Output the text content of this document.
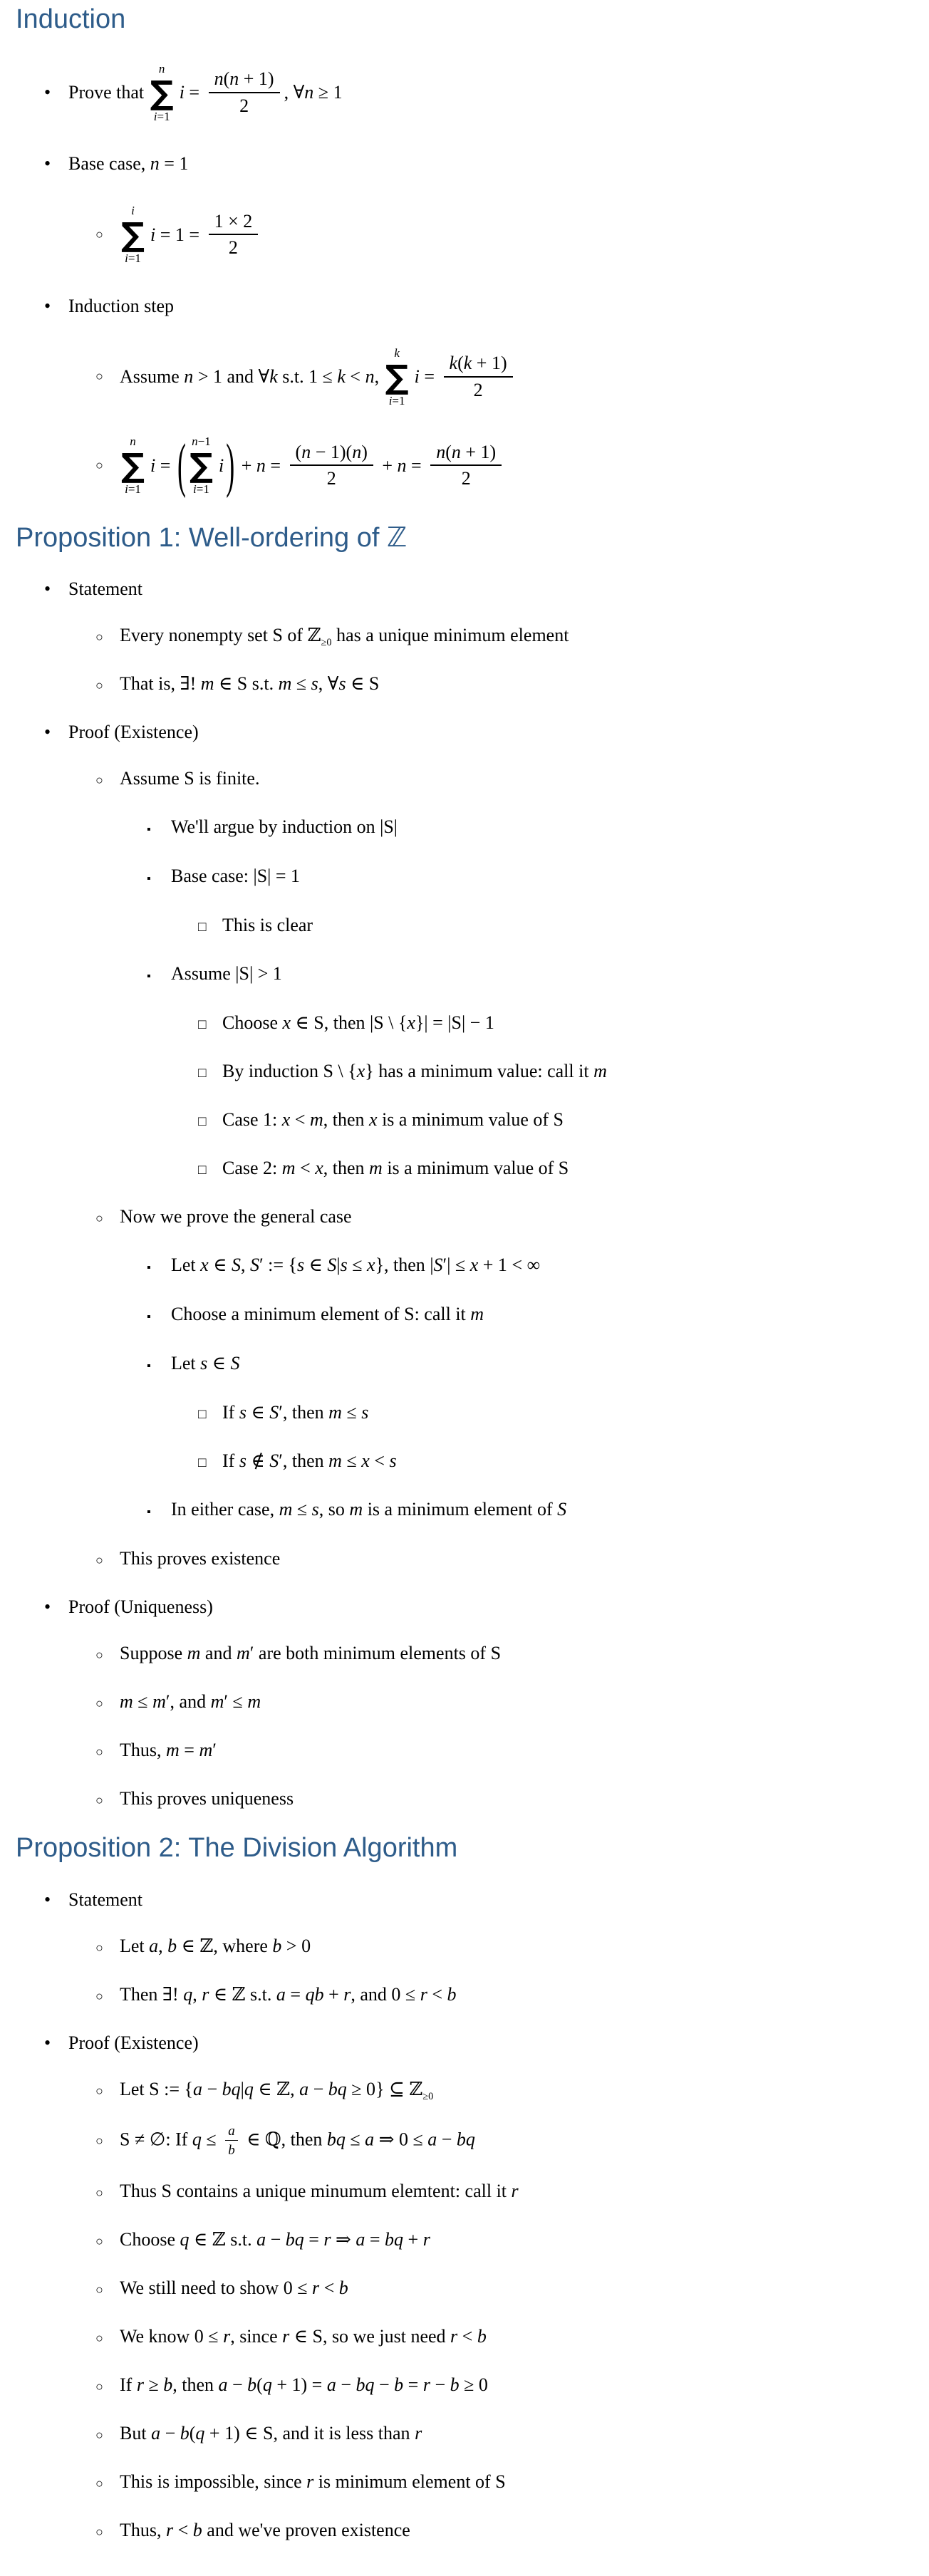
Induction
• Prove that
n
∑
i=1
$i = \frac{n(n + 1)}{2}$ , ∀n ≥ 1
• Base case, n = 1
○
i
∑
i=1
$i = 1 = \frac{1 \times 2}{2}$
• Induction step
○ Assume n > 1 and ∀k s.t. 1 ≤ k < n,
k
∑
i=1
$i = \frac{k(k + 1)}{2}$
○
n
∑
i=1
i = ( n−1
∑
i=1
i ) + $n = \frac{(n - 1)(n)}{2} + n = \frac{n(n + 1)}{2}$
Proposition 1: Well-ordering of ℤ
• Statement
○ Every nonempty set S of ℤ$_{\ge 0}$ has a unique minimum element
○ That is, ∃! m ∈ S s.t. m ≤ s, ∀s ∈ S
• Proof (Existence)
○ Assume S is finite.
▪	We'll argue by induction on |S|
▪	Base case: |S| = 1
□ This is clear
▪	Assume |S| > 1
□ Choose x ∈ S, then |S \ {x}| = |S| − 1
□ By induction S \ {x} has a minimum value: call it m
□ Case 1: x < m, then x is a minimum value of S
□ Case 2: m < x, then m is a minimum value of S
○ Now we prove the general case
▪	Let x ∈ S, S′ := {s ∈ S|s ≤ x}, then |S′| ≤ x + 1 < ∞
▪	Choose a minimum element of S: call it m
▪	Let s ∈ S
□ If s ∈ S′, then m ≤ s
□ If s ∉ S′, then m ≤ x < s
▪	In either case, m ≤ s, so m is a minimum element of S
○ This proves existence
• Proof (Uniqueness)
○ Suppose m and m′ are both minimum elements of S
○ m ≤ m′, and m′ ≤ m
○ Thus, m = m′
○ This proves uniqueness
Proposition 2: The Division Algorithm
• Statement
○ Let a, b ∈ ℤ, where b > 0
○ Then ∃! q, r ∈ ℤ s.t. a = qb + r, and 0 ≤ r < b
• Proof (Existence)
○ Let S := {a − bq|q ∈ ℤ, a − bq ≥ 0} ⊆ ℤ$_{\ge 0}$
○ S ≠ ∅: If $q \le \frac{a}{b}$ ∈ ℚ, then bq ≤ a ⇒ 0 ≤ a − bq
○ Thus S contains a unique minumum elemtent: call it r
○ Choose q ∈ ℤ s.t. a − bq = r ⇒ a = bq + r
○ We still need to show 0 ≤ r < b
○ We know 0 ≤ r, since r ∈ S, so we just need r < b
○ If r ≥ b, then a − b(q + 1) = a − bq − b = r − b ≥ 0
○ But a − b(q + 1) ∈ S, and it is less than r
○ This is impossible, since r is minimum element of S
○ Thus, r < b and we've proven existence
